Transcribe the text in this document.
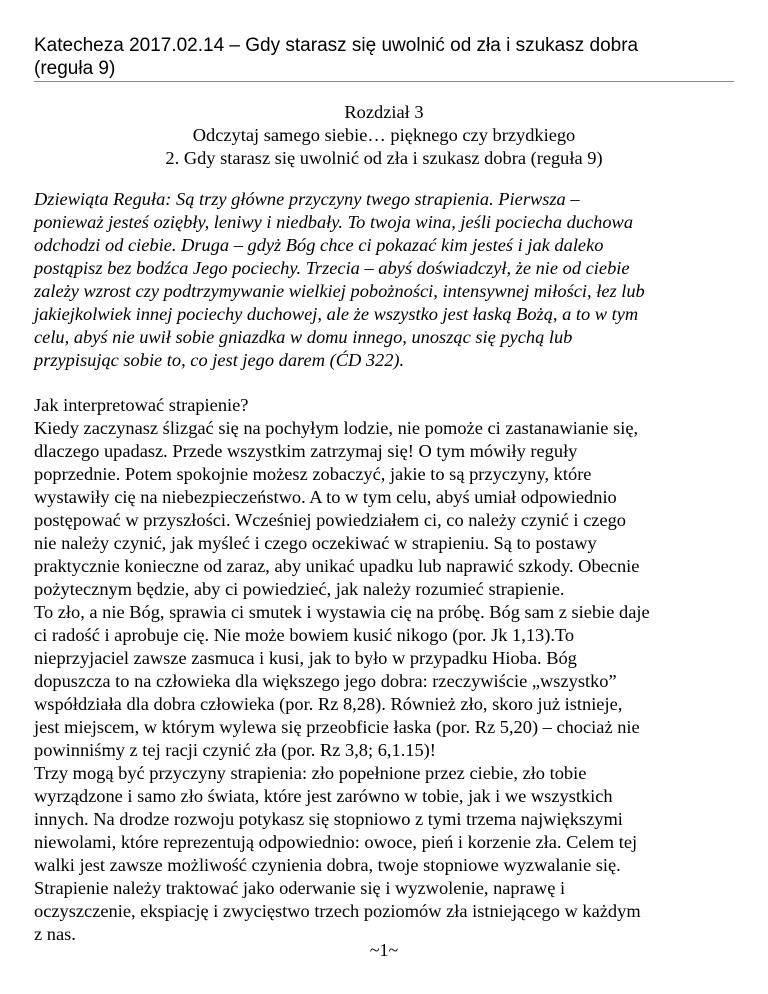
Katecheza 2017.02.14 – Gdy starasz się uwolnić od zła i szukasz dobra
(reguła 9)
Rozdział 3
Odczytaj samego siebie… pięknego czy brzydkiego
2. Gdy starasz się uwolnić od zła i szukasz dobra (reguła 9)
Dziewiąta Reguła: Są trzy główne przyczyny twego strapienia. Pierwsza –
ponieważ jesteś oziębły, leniwy i niedbały. To twoja wina, jeśli pociecha duchowa
odchodzi od ciebie. Druga – gdyż Bóg chce ci pokazać kim jesteś i jak daleko
postąpisz bez bodźca Jego pociechy. Trzecia – abyś doświadczył, że nie od ciebie
zależy wzrost czy podtrzymywanie wielkiej pobożności, intensywnej miłości, łez lub
jakiejkolwiek innej pociechy duchowej, ale że wszystko jest łaską Bożą, a to w tym
celu, abyś nie uwił sobie gniazdka w domu innego, unosząc się pychą lub
przypisując sobie to, co jest jego darem (ĆD 322).
Jak interpretować strapienie?
Kiedy zaczynasz ślizgać się na pochyłym lodzie, nie pomoże ci zastanawianie się,
dlaczego upadasz. Przede wszystkim zatrzymaj się! O tym mówiły reguły
poprzednie. Potem spokojnie możesz zobaczyć, jakie to są przyczyny, które
wystawiły cię na niebezpieczeństwo. A to w tym celu, abyś umiał odpowiednio
postępować w przyszłości. Wcześniej powiedziałem ci, co należy czynić i czego
nie należy czynić, jak myśleć i czego oczekiwać w strapieniu. Są to postawy
praktycznie konieczne od zaraz, aby unikać upadku lub naprawić szkody. Obecnie
pożytecznym będzie, aby ci powiedzieć, jak należy rozumieć strapienie.
To zło, a nie Bóg, sprawia ci smutek i wystawia cię na próbę. Bóg sam z siebie daje
ci radość i aprobuje cię. Nie może bowiem kusić nikogo (por. Jk 1,13).To
nieprzyjaciel zawsze zasmuca i kusi, jak to było w przypadku Hioba. Bóg
dopuszcza to na człowieka dla większego jego dobra: rzeczywiście „wszystko”
współdziała dla dobra człowieka (por. Rz 8,28). Również zło, skoro już istnieje,
jest miejscem, w którym wylewa się przeobficie łaska (por. Rz 5,20) – chociaż nie
powinniśmy z tej racji czynić zła (por. Rz 3,8; 6,1.15)!
Trzy mogą być przyczyny strapienia: zło popełnione przez ciebie, zło tobie
wyrządzone i samo zło świata, które jest zarówno w tobie, jak i we wszystkich
innych. Na drodze rozwoju potykasz się stopniowo z tymi trzema największymi
niewolami, które reprezentują odpowiednio: owoce, pień i korzenie zła. Celem tej
walki jest zawsze możliwość czynienia dobra, twoje stopniowe wyzwalanie się.
Strapienie należy traktować jako oderwanie się i wyzwolenie, naprawę i
oczyszczenie, ekspiację i zwycięstwo trzech poziomów zła istniejącego w każdym
z nas.
~1~
